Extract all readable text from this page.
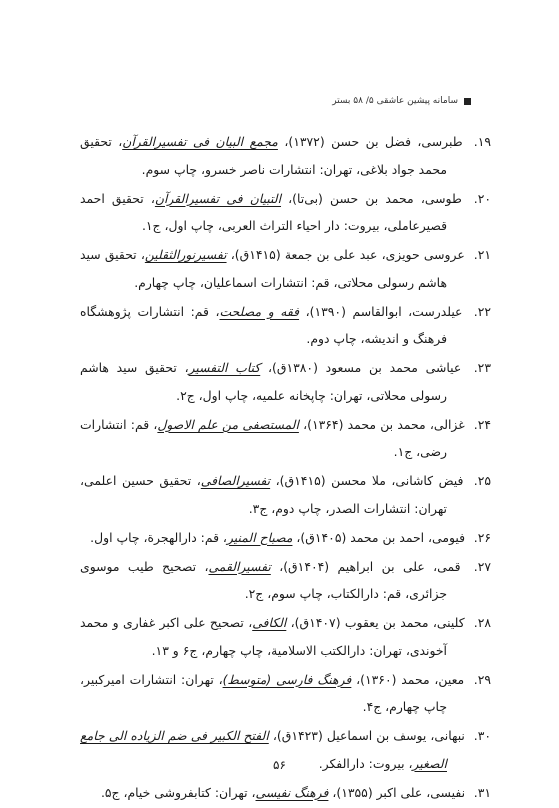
سامانه پیشین عاشقی ۵/ ۵۸ بستر

۱۹. طبرسی، فضل بن حسن (۱۳۷۲)، مجمع البیان فی تفسیرالقرآن، تحقیق محمد جواد بلاغی، تهران: انتشارات ناصر خسرو، چاپ سوم.

۲۰. طوسی، محمد بن حسن (بی‌تا)، التبیان فی تفسیرالقرآن، تحقیق احمد قصیرعاملی، بیروت: دار احیاء التراث العربی، چاپ اول، ج۱.

۲۱. عروسی حویزی، عبد علی بن جمعة (۱۴۱۵ق)، تفسیرنورالثقلین، تحقیق سید هاشم رسولی محلاتی، قم: انتشارات اسماعلیان، چاپ چهارم.

۲۲. عیلدرست، ابوالقاسم (۱۳۹۰)، فقه و مصلحت، قم: انتشارات پژوهشگاه فرهنگ و اندیشه، چاپ دوم.

۲۳. عیاشی محمد بن مسعود (۱۳۸۰ق)، کتاب التفسیر، تحقیق سید هاشم رسولی محلاتی، تهران: چاپخانه علمیه، چاپ اول، ج۲.

۲۴. غزالی، محمد بن محمد (۱۳۶۴)، المستصفی من علم الاصول، قم: انتشارات رضی، ج۱.

۲۵. فیض کاشانی، ملا محسن (۱۴۱۵ق)، تفسیرالصافی، تحقیق حسین اعلمی، تهران: انتشارات الصدر، چاپ دوم، ج۳.

۲۶. فیومی، احمد بن محمد (۱۴۰۵ق)، مصباح المنیر، قم: دارالهجرة، چاپ اول.

۲۷. قمی، علی بن ابراهیم (۱۴۰۴ق)، تفسیرالقمی، تصحیح طیب موسوی جزائری، قم: دارالکتاب، چاپ سوم، ج۲.

۲۸. کلینی، محمد بن یعقوب (۱۴۰۷ق)، الکافی، تصحیح علی اکبر غفاری و محمد آخوندی، تهران: دارالکتب الاسلامیة، چاپ چهارم، ج۶ و ۱۳.

۲۹. معین، محمد (۱۳۶۰)، فرهنگ فارسی (متوسط)، تهران: انتشارات امیرکبیر، چاپ چهارم، ج۴.

۳۰. نبهانی، یوسف بن اسماعیل (۱۴۲۳ق)، الفتح الکبیر فی ضم الزیاده الی جامع الصغیر، بیروت: دارالفکر.

۳۱. نفیسی، علی اکبر (۱۳۵۵)، فرهنگ نفیسی، تهران: کتابفروشی خیام، ج۵.

۵۶
